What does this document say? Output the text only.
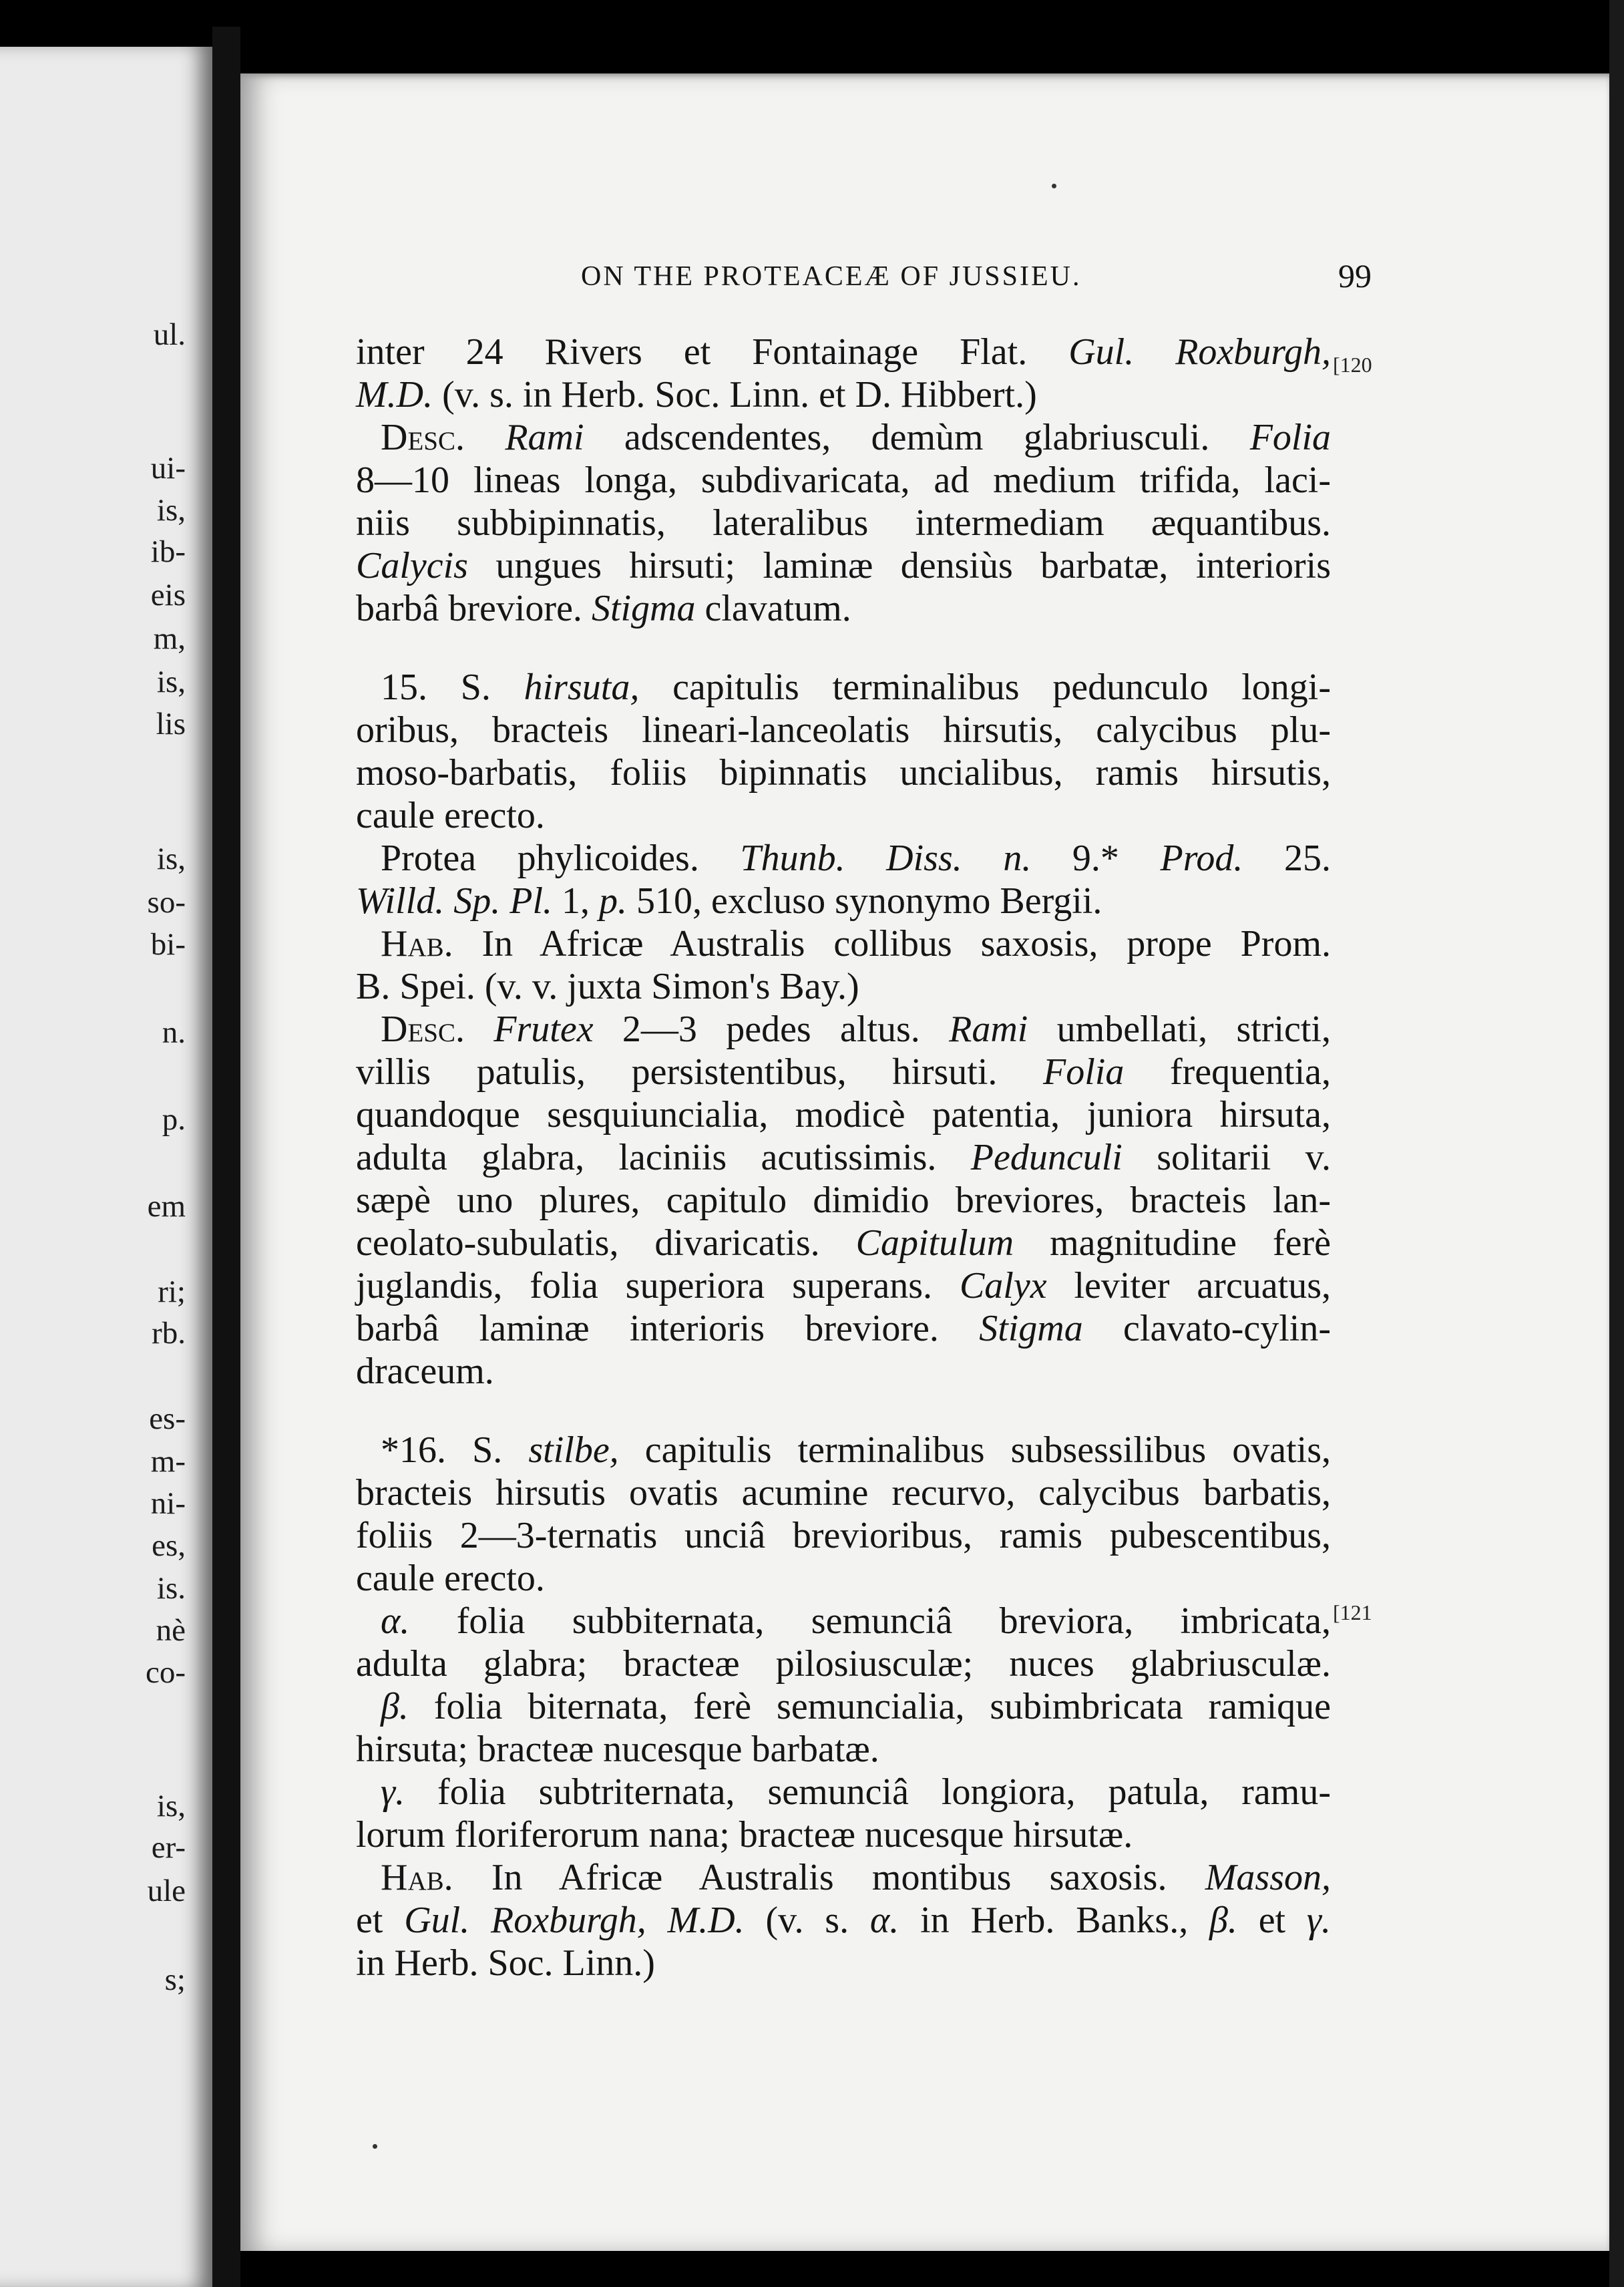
ul.
ui-
is,
ib-
eis
m,
is,
lis
is,
so-
bi-
n.
p.
em
ri;
rb.
es-
m-
ni-
es,
is.
nè
co-
is,
er-
ule
s;
ON THE PROTEACEÆ OF JUSSIEU.	99
[120
[121
inter 24 Rivers et Fontainage Flat. Gul. Roxburgh,
M.D. (v. s. in Herb. Soc. Linn. et D. Hibbert.)
Desc. Rami adscendentes, demùm glabriusculi. Folia
8—10 lineas longa, subdivaricata, ad medium trifida, laci-
niis subbipinnatis, lateralibus intermediam æquantibus.
Calycis ungues hirsuti; laminæ densiùs barbatæ, interioris
barbâ breviore. Stigma clavatum.
15. S. hirsuta, capitulis terminalibus pedunculo longi-
oribus, bracteis lineari-lanceolatis hirsutis, calycibus plu-
moso-barbatis, foliis bipinnatis uncialibus, ramis hirsutis,
caule erecto.
Protea phylicoides. Thunb. Diss. n. 9.* Prod. 25.
Willd. Sp. Pl. 1, p. 510, excluso synonymo Bergii.
Hab. In Africæ Australis collibus saxosis, prope Prom.
B. Spei. (v. v. juxta Simon's Bay.)
Desc. Frutex 2—3 pedes altus. Rami umbellati, stricti,
villis patulis, persistentibus, hirsuti. Folia frequentia,
quandoque sesquiuncialia, modicè patentia, juniora hirsuta,
adulta glabra, laciniis acutissimis. Pedunculi solitarii v.
sæpè uno plures, capitulo dimidio breviores, bracteis lan-
ceolato-subulatis, divaricatis. Capitulum magnitudine ferè
juglandis, folia superiora superans. Calyx leviter arcuatus,
barbâ laminæ interioris breviore. Stigma clavato-cylin-
draceum.
*16. S. stilbe, capitulis terminalibus subsessilibus ovatis,
bracteis hirsutis ovatis acumine recurvo, calycibus barbatis,
foliis 2—3-ternatis unciâ brevioribus, ramis pubescentibus,
caule erecto.
α. folia subbiternata, semunciâ breviora, imbricata,
adulta glabra; bracteæ pilosiusculæ; nuces glabriusculæ.
β. folia biternata, ferè semuncialia, subimbricata ramique
hirsuta; bracteæ nucesque barbatæ.
γ. folia subtriternata, semunciâ longiora, patula, ramu-
lorum floriferorum nana; bracteæ nucesque hirsutæ.
Hab. In Africæ Australis montibus saxosis. Masson,
et Gul. Roxburgh, M.D. (v. s. α. in Herb. Banks., β. et γ.
in Herb. Soc. Linn.)
